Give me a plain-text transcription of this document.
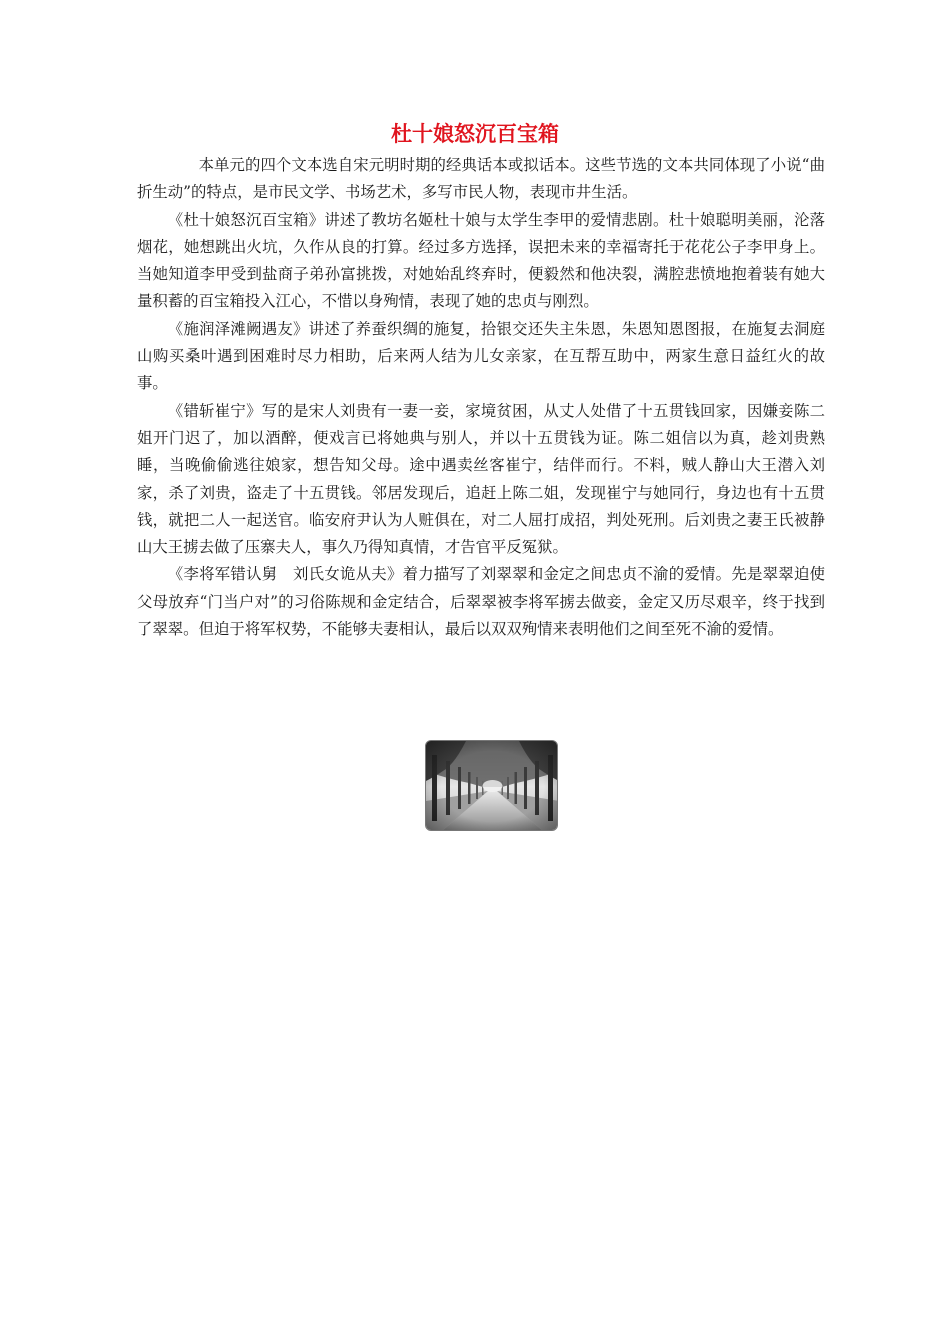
杜十娘怒沉百宝箱

本单元的四个文本选自宋元明时期的经典话本或拟话本。这些节选的文本共同体现了小说“曲折生动”的特点，是市民文学、书场艺术，多写市民人物，表现市井生活。

《杜十娘怒沉百宝箱》讲述了教坊名姬杜十娘与太学生李甲的爱情悲剧。杜十娘聪明美丽，沦落烟花，她想跳出火坑，久作从良的打算。经过多方选择，误把未来的幸福寄托于花花公子李甲身上。当她知道李甲受到盐商子弟孙富挑拨，对她始乱终弃时，便毅然和他决裂，满腔悲愤地抱着装有她大量积蓄的百宝箱投入江心，不惜以身殉情，表现了她的忠贞与刚烈。

《施润泽滩阙遇友》讲述了养蚕织绸的施复，拾银交还失主朱恩，朱恩知恩图报，在施复去洞庭山购买桑叶遇到困难时尽力相助，后来两人结为儿女亲家，在互帮互助中，两家生意日益红火的故事。

《错斩崔宁》写的是宋人刘贵有一妻一妾，家境贫困，从丈人处借了十五贯钱回家，因嫌妾陈二姐开门迟了，加以酒醉，便戏言已将她典与别人，并以十五贯钱为证。陈二姐信以为真，趁刘贵熟睡，当晚偷偷逃往娘家，想告知父母。途中遇卖丝客崔宁，结伴而行。不料，贼人静山大王潜入刘家，杀了刘贵，盗走了十五贯钱。邻居发现后，追赶上陈二姐，发现崔宁与她同行，身边也有十五贯钱，就把二人一起送官。临安府尹认为人赃俱在，对二人屈打成招，判处死刑。后刘贵之妻王氏被静山大王掳去做了压寨夫人，事久乃得知真情，才告官平反冤狱。

《李将军错认舅　刘氏女诡从夫》着力描写了刘翠翠和金定之间忠贞不渝的爱情。先是翠翠迫使父母放弃“门当户对”的习俗陈规和金定结合，后翠翠被李将军掳去做妾，金定又历尽艰辛，终于找到了翠翠。但迫于将军权势，不能够夫妻相认，最后以双双殉情来表明他们之间至死不渝的爱情。
